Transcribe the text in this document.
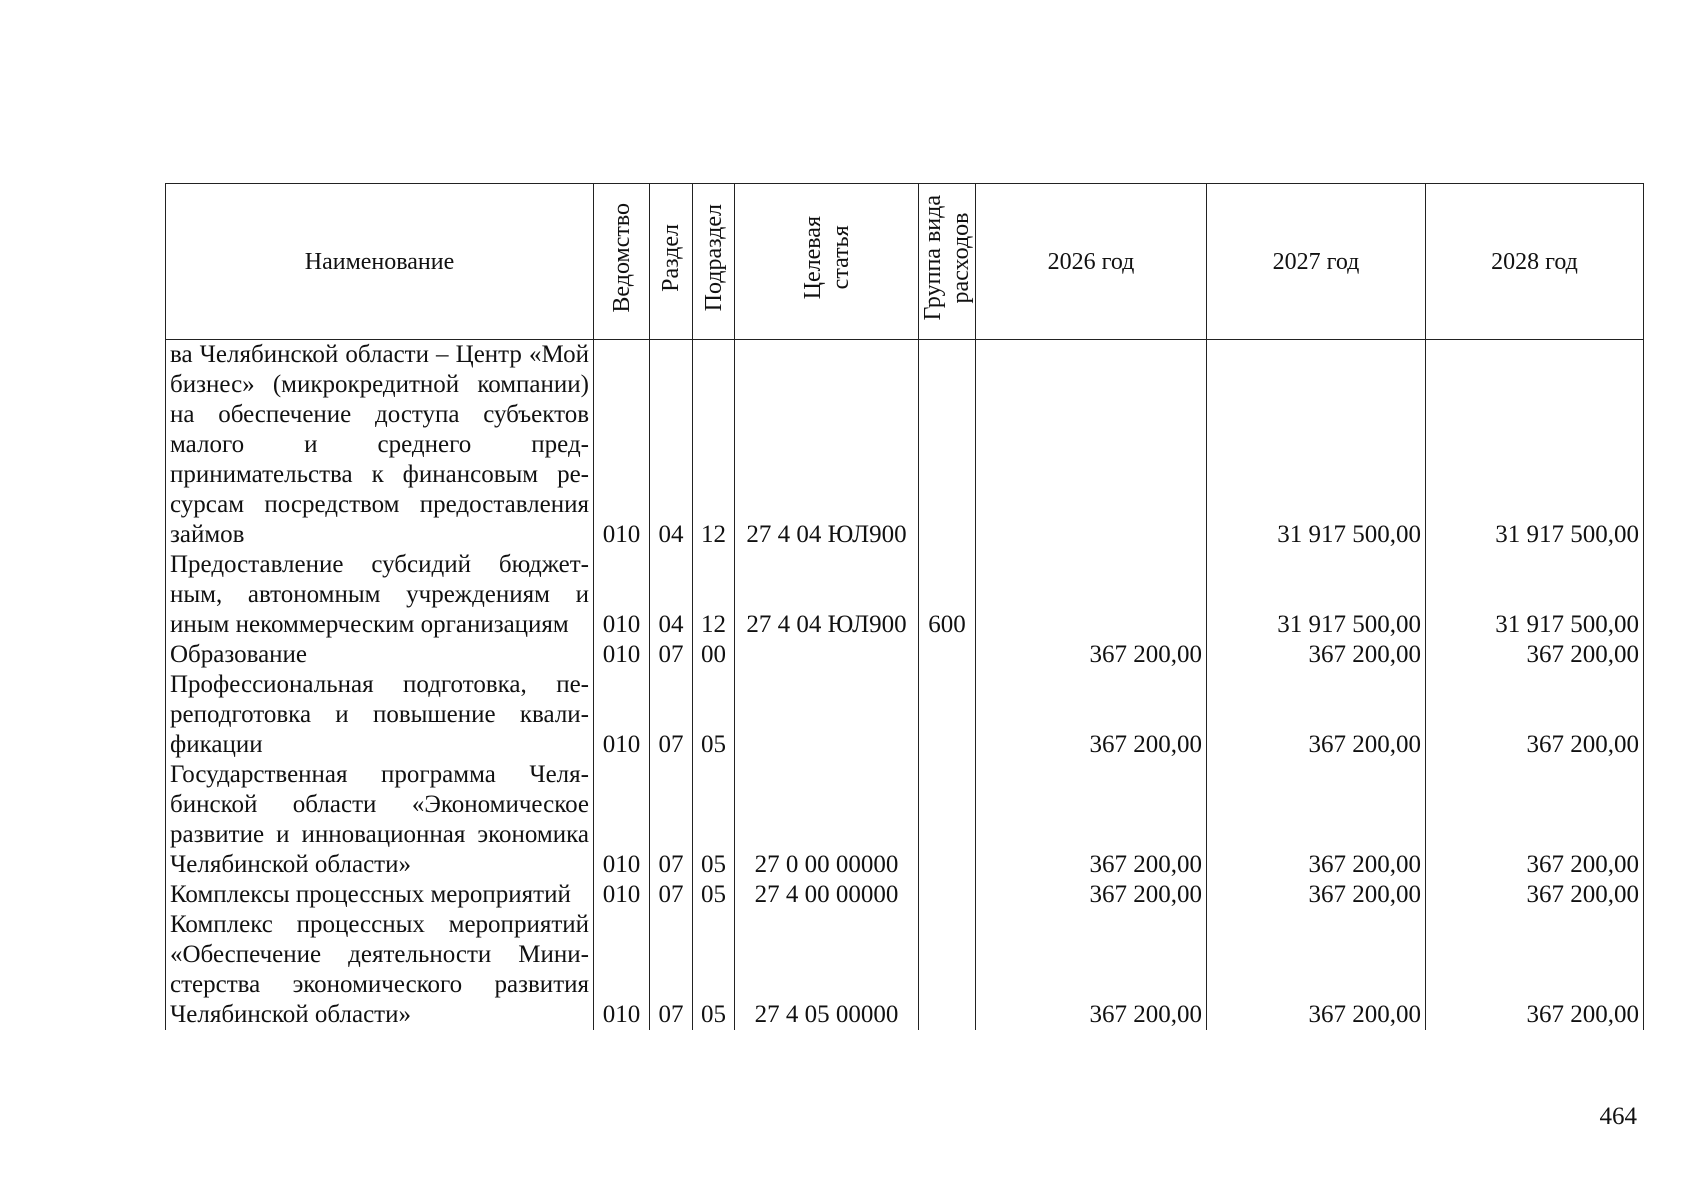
Наименование	Ведомство	Раздел	Подраздел	Целевая
статья	Группа вида
расходов	2026 год	2027 год	2028 год
ва Челябинской области – Центр «Мой бизнес» (микрокредитной компании) на обеспечение доступа субъектов малого и среднего предпринимательства к финансовым ресурсам посредством предоставления займов	010	04	12	27 4 04 ЮЛ900			31 917 500,00	31 917 500,00
Предоставление субсидий бюджетным, автономным учреждениям и иным некоммерческим организациям	010	04	12	27 4 04 ЮЛ900	600		31 917 500,00	31 917 500,00
Образование	010	07	00			367 200,00	367 200,00	367 200,00
Профессиональная подготовка, переподготовка и повышение квалификации	010	07	05			367 200,00	367 200,00	367 200,00
Государственная программа Челябинской области «Экономическое развитие и инновационная экономика Челябинской области»	010	07	05	27 0 00 00000		367 200,00	367 200,00	367 200,00
Комплексы процессных мероприятий	010	07	05	27 4 00 00000		367 200,00	367 200,00	367 200,00
Комплекс процессных мероприятий «Обеспечение деятельности Министерства экономического развития Челябинской области»	010	07	05	27 4 05 00000		367 200,00	367 200,00	367 200,00
464
